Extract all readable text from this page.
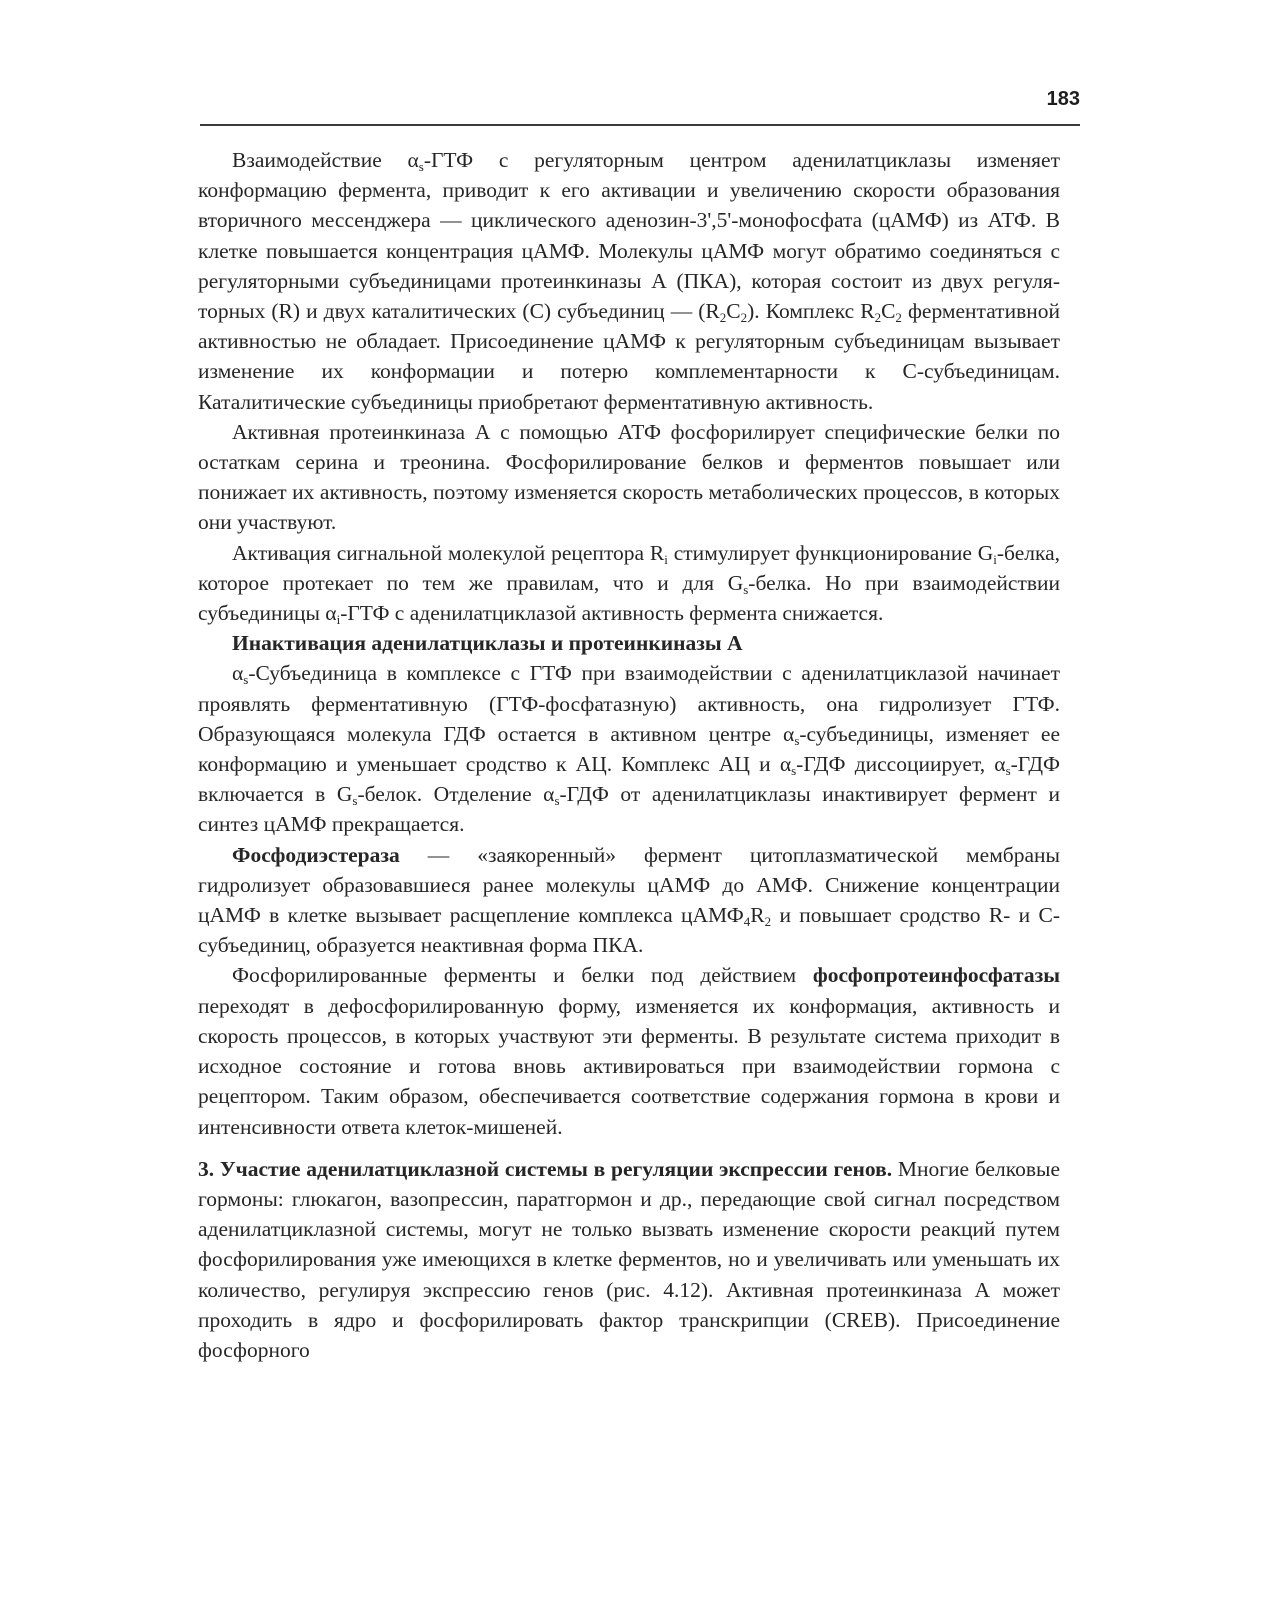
183

Взаимодействие $\alpha_s$-ГТФ с регуляторным центром аденилатциклазы изменяет конформацию фермента, приводит к его активации и увеличению скорости образования вторичного мессенджера — циклического аденозин-3',5'-монофосфата (цАМФ) из АТФ. В клетке повышается концентрация цАМФ. Молекулы цАМФ могут обратимо соединяться с регуляторными субъединицами протеинкиназы А (ПКА), которая состоит из двух регуляторных (R) и двух каталитических (С) субъединиц — $(R_2C_2)$. Комплекс $R_2C_2$ ферментативной активностью не обладает. Присоединение цАМФ к регуляторным субъединицам вызывает изменение их конформации и потерю комплементарности к С-субъединицам. Каталитические субъединицы приобретают ферментативную активность.

Активная протеинкиназа А с помощью АТФ фосфорилирует специфические белки по остаткам серина и треонина. Фосфорилирование белков и ферментов повышает или понижает их активность, поэтому изменяется скорость метаболических процессов, в которых они участвуют.

Активация сигнальной молекулой рецептора $R_i$ стимулирует функционирование $G_i$-белка, которое протекает по тем же правилам, что и для $G_s$-белка. Но при взаимодействии субъединицы $\alpha_i$-ГТФ с аденилатциклазой активность фермента снижается.

Инактивация аденилатциклазы и протеинкиназы А

$\alpha_s$-Субъединица в комплексе с ГТФ при взаимодействии с аденилатциклазой начинает проявлять ферментативную (ГТФ-фосфатазную) активность, она гидролизует ГТФ. Образующаяся молекула ГДФ остается в активном центре $\alpha_s$-субъединицы, изменяет ее конформацию и уменьшает сродство к АЦ. Комплекс АЦ и $\alpha_s$-ГДФ диссоциирует, $\alpha_s$-ГДФ включается в $G_s$-белок. Отделение $\alpha_s$-ГДФ от аденилатциклазы инактивирует фермент и синтез цАМФ прекращается.

Фосфодиэстераза — «заякоренный» фермент цитоплазматической мембраны гидролизует образовавшиеся ранее молекулы цАМФ до АМФ. Снижение концентрации цАМФ в клетке вызывает расщепление комплекса $цАМФ_4R_2$ и повышает сродство R- и С-субъединиц, образуется неактивная форма ПКА.

Фосфорилированные ферменты и белки под действием фосфопротеинфосфатазы переходят в дефосфорилированную форму, изменяется их конформация, активность и скорость процессов, в которых участвуют эти ферменты. В результате система приходит в исходное состояние и готова вновь активироваться при взаимодействии гормона с рецептором. Таким образом, обеспечивается соответствие содержания гормона в крови и интенсивности ответа клеток-мишеней.

3. Участие аденилатциклазной системы в регуляции экспрессии генов. Многие белковые гормоны: глюкагон, вазопрессин, паратгормон и др., передающие свой сигнал посредством аденилатциклазной системы, могут не только вызвать изменение скорости реакций путем фосфорилирования уже имеющихся в клетке ферментов, но и увеличивать или уменьшать их количество, регулируя экспрессию генов (рис. 4.12). Активная протеинкиназа А может проходить в ядро и фосфорилировать фактор транскрипции (CREB). Присоединение фосфорного
